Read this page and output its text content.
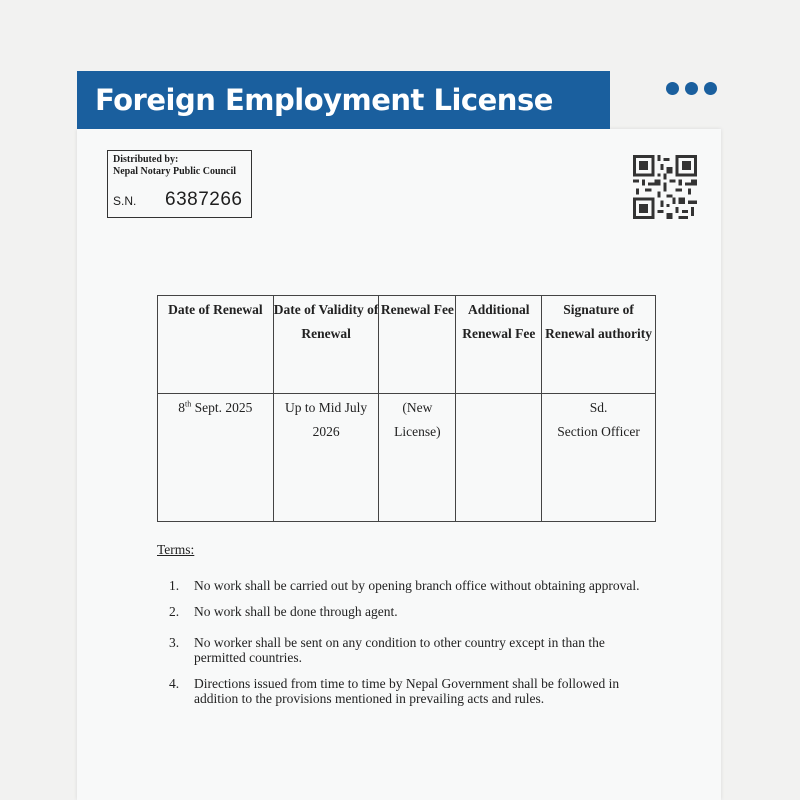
Foreign Employment License
Distributed by:
Nepal Notary Public Council
S.N.	6387266
Date of Renewal	Date of Validity of Renewal	Renewal Fee	Additional Renewal Fee	Signature of Renewal authority
8th Sept. 2025	Up to Mid July 2026	(New License)		Sd.
Section Officer
Terms:
1.	No work shall be carried out by opening branch office without obtaining approval.
2.	No work shall be done through agent.
3.	No worker shall be sent on any condition to other country except in than the permitted countries.
4.	Directions issued from time to time by Nepal Government shall be followed in addition to the provisions mentioned in prevailing acts and rules.
